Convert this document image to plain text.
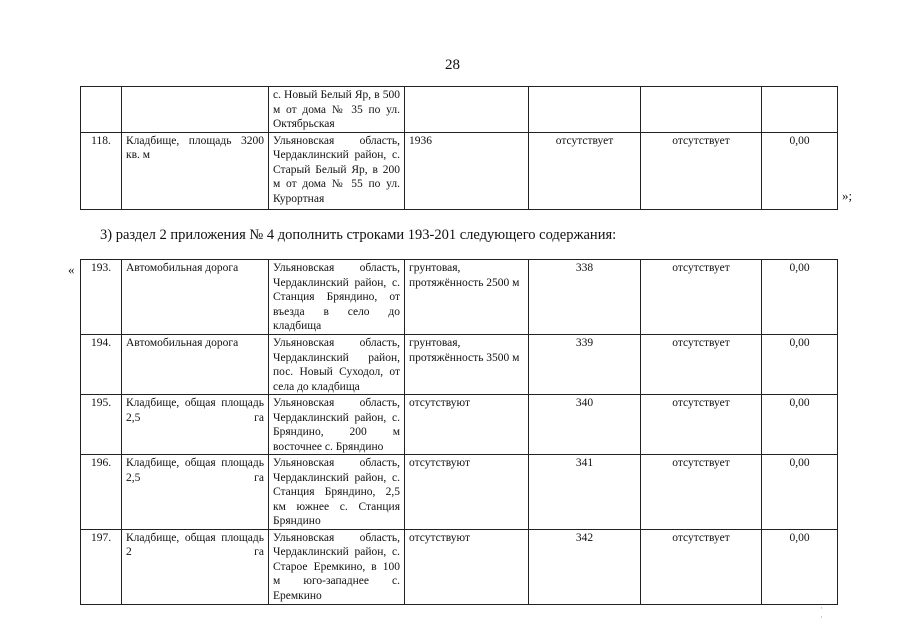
28
		с. Новый Белый Яр, в 500 м от дома № 35 по ул. Октябрьская				
118.	Кладбище, площадь 3200 кв. м	Ульяновская область, Чердаклинский район, с. Старый Белый Яр, в 200 м от дома № 55 по ул. Курортная	1936	отсутствует	отсутствует	0,00
»;
3) раздел 2 приложения № 4 дополнить строками 193-201 следующего содержания:
« 193.	Автомобильная дорога	Ульяновская область, Чердаклинский район, с. Станция Бряндино, от въезда в село до кладбища	грунтовая, протяжённость 2500 м	338	отсутствует	0,00
194.	Автомобильная дорога	Ульяновская область, Чердаклинский район, пос. Новый Суходол, от села до кладбища	грунтовая, протяжённость 3500 м	339	отсутствует	0,00
195.	Кладбище, общая площадь 2,5 га	Ульяновская область, Чердаклинский район, с. Бряндино, 200 м восточнее с. Бряндино	отсутствуют	340	отсутствует	0,00
196.	Кладбище, общая площадь 2,5 га	Ульяновская область, Чердаклинский район, с. Станция Бряндино, 2,5 км южнее с. Станция Бряндино	отсутствуют	341	отсутствует	0,00
197.	Кладбище, общая площадь 2 га	Ульяновская область, Чердаклинский район, с. Старое Еремкино, в 100 м юго-западнее с. Еремкино	отсутствуют	342	отсутствует	0,00
·
·
